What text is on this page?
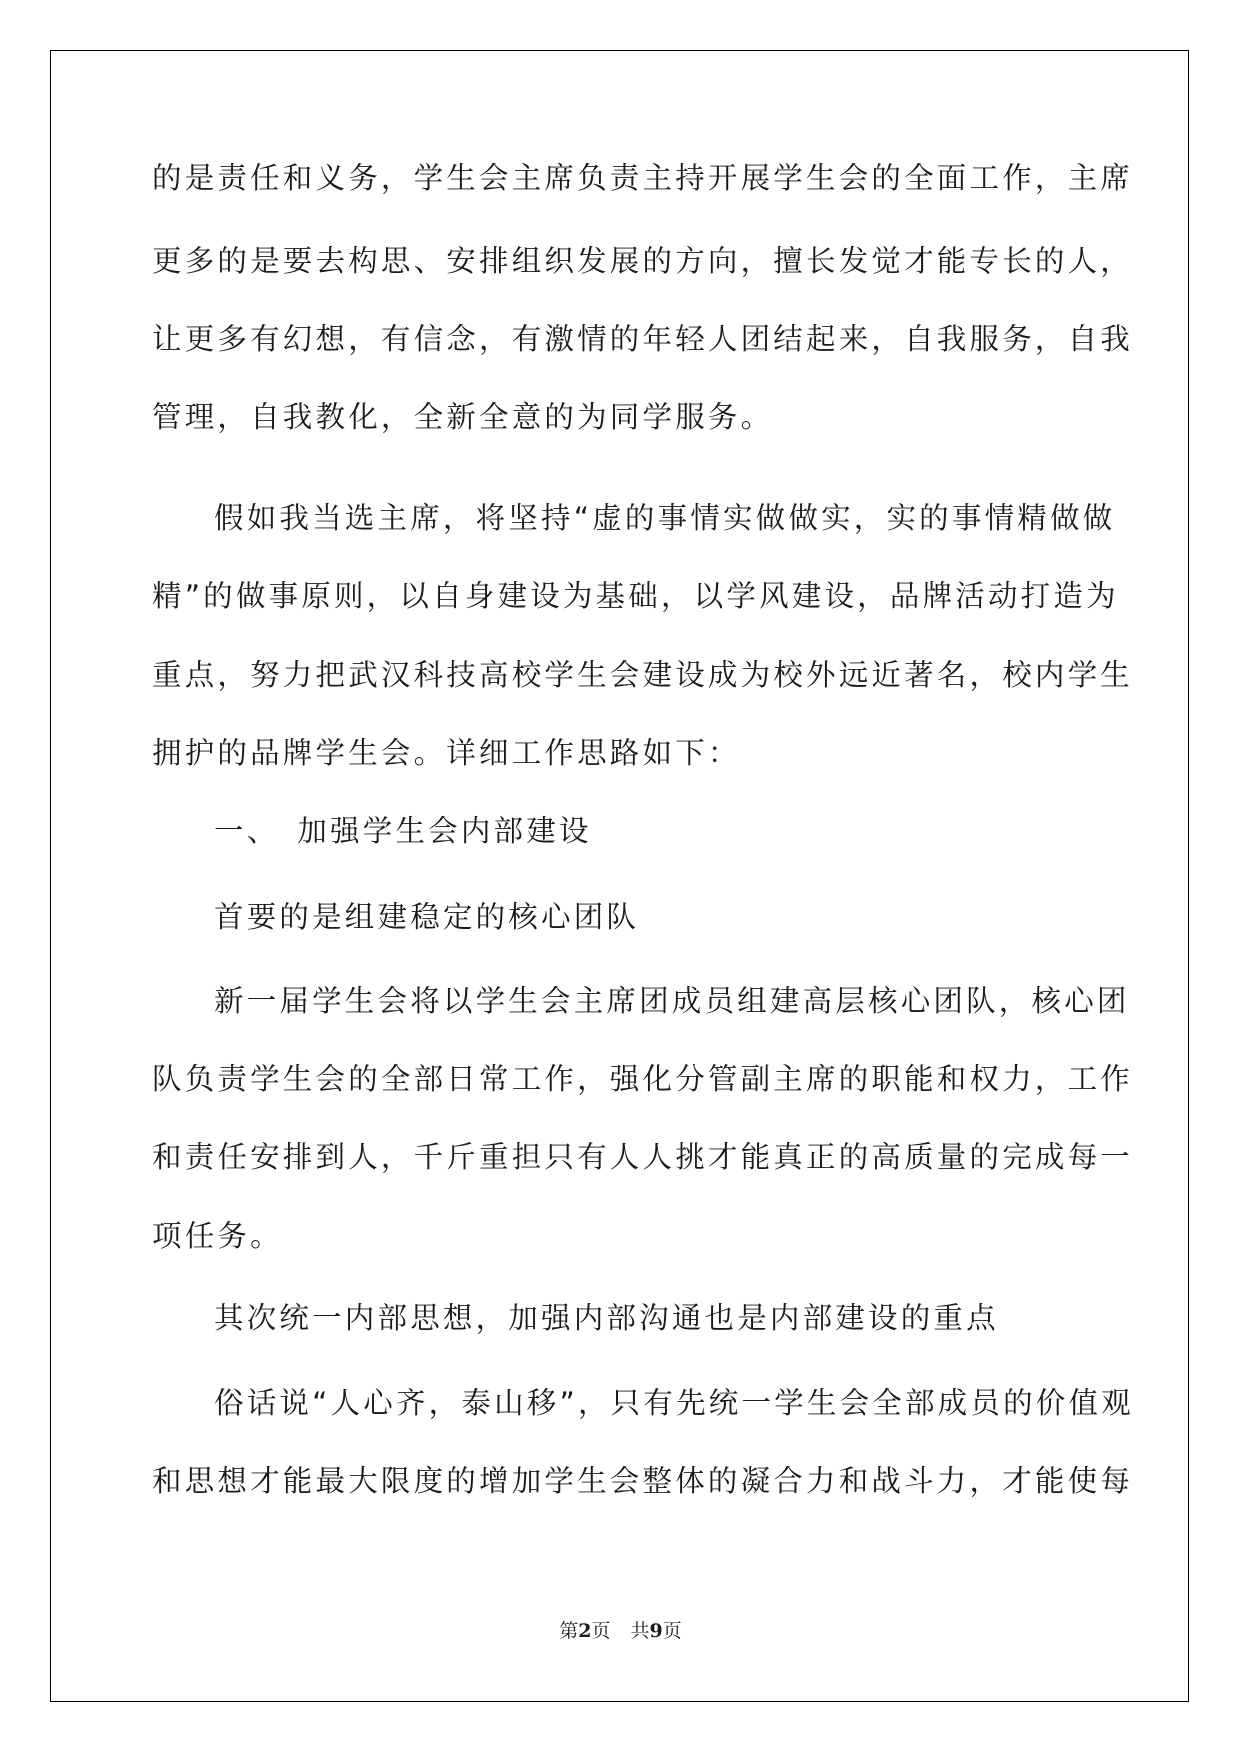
的是责任和义务，学生会主席负责主持开展学生会的全面工作，主席
更多的是要去构思、安排组织发展的方向，擅长发觉才能专长的人，
让更多有幻想，有信念，有激情的年轻人团结起来，自我服务，自我
管理，自我教化，全新全意的为同学服务。
假如我当选主席，将坚持“虚的事情实做做实，实的事情精做做
精”的做事原则，以自身建设为基础，以学风建设，品牌活动打造为
重点，努力把武汉科技高校学生会建设成为校外远近著名，校内学生
拥护的品牌学生会。详细工作思路如下：
一、　加强学生会内部建设
首要的是组建稳定的核心团队
新一届学生会将以学生会主席团成员组建高层核心团队，核心团
队负责学生会的全部日常工作，强化分管副主席的职能和权力，工作
和责任安排到人，千斤重担只有人人挑才能真正的高质量的完成每一
项任务。
其次统一内部思想，加强内部沟通也是内部建设的重点
俗话说“人心齐，泰山移”，只有先统一学生会全部成员的价值观
和思想才能最大限度的增加学生会整体的凝合力和战斗力，才能使每
第2页 共9页
